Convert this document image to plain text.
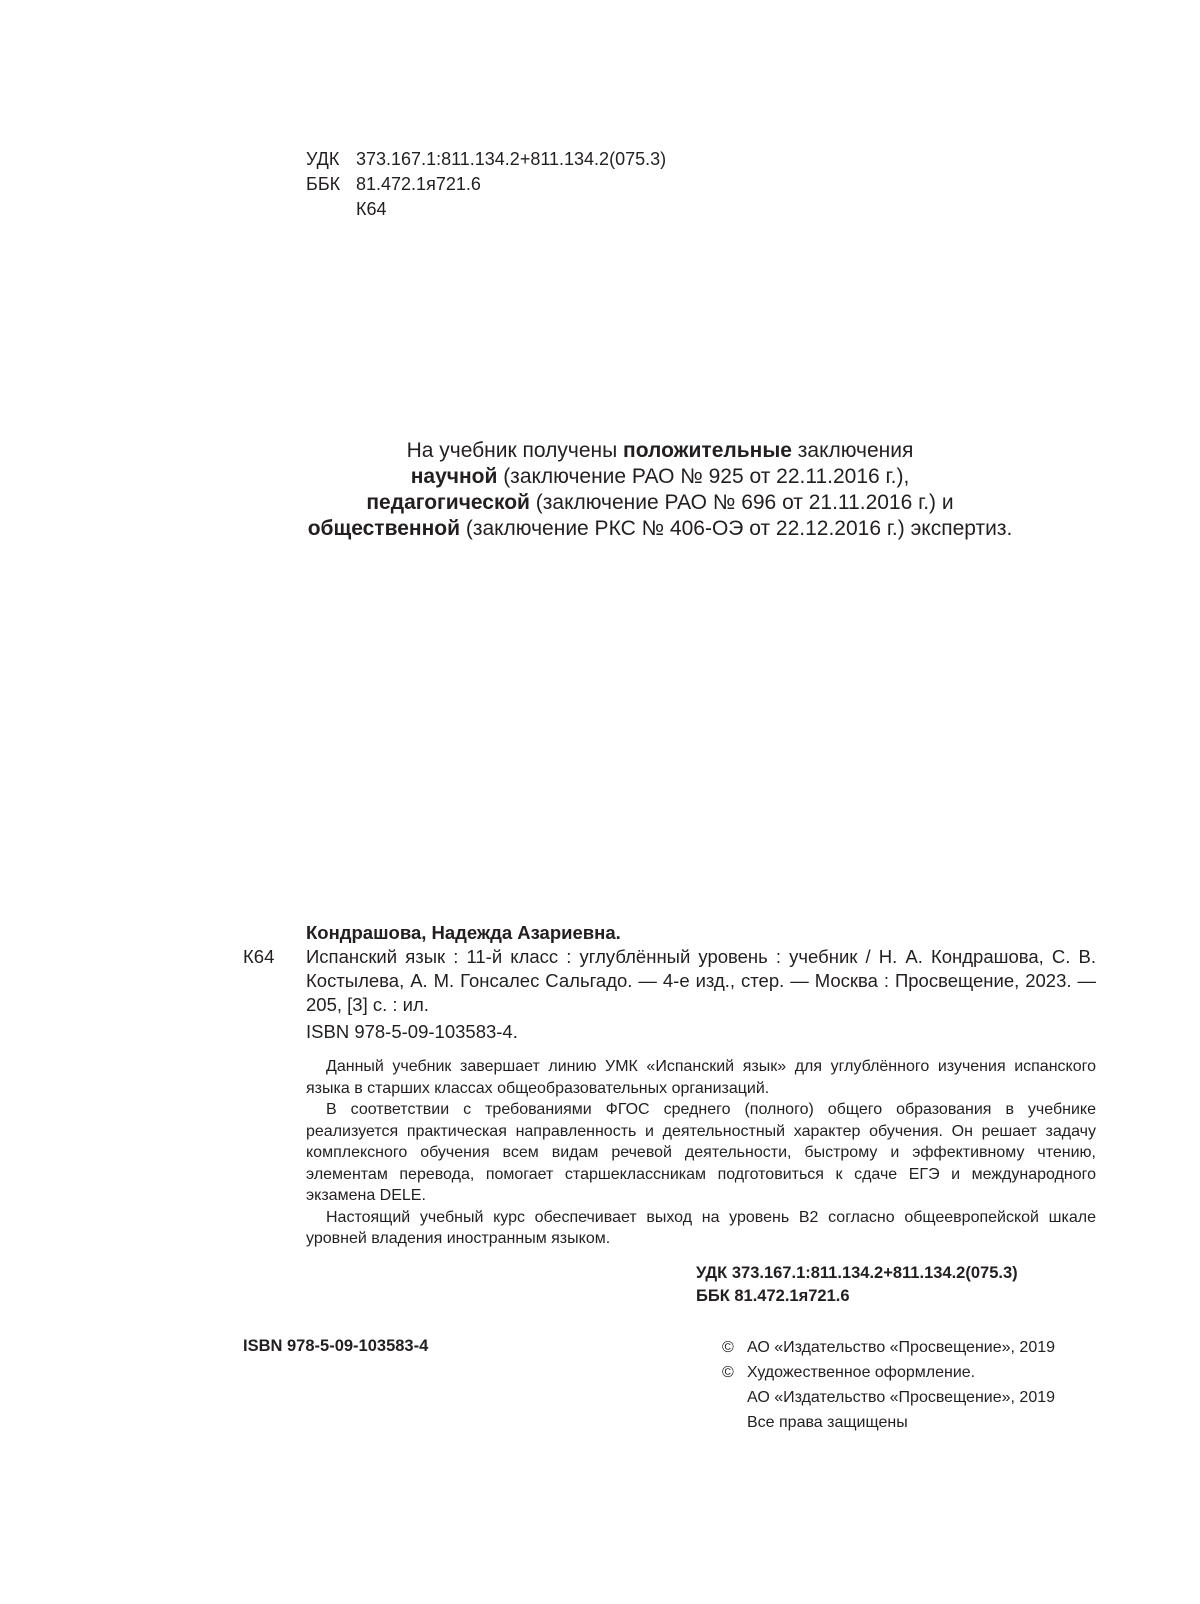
УДК 373.167.1:811.134.2+811.134.2(075.3)
ББК 81.472.1я721.6
К64
На учебник получены положительные заключения
научной (заключение РАО № 925 от 22.11.2016 г.),
педагогической (заключение РАО № 696 от 21.11.2016 г.) и
общественной (заключение РКС № 406-ОЭ от 22.12.2016 г.) экспертиз.
Кондрашова, Надежда Азариевна.
К64	Испанский язык : 11-й класс : углублённый уровень : учебник / Н. А. Кондрашова, С. В. Костылева, А. М. Гонсалес Сальгадо. — 4-е изд., стер. — Москва : Просвещение, 2023. — 205, [3] с. : ил.
ISBN 978-5-09-103583-4.

Данный учебник завершает линию УМК «Испанский язык» для углублённого изучения испанского языка в старших классах общеобразовательных организаций.

В соответствии с требованиями ФГОС среднего (полного) общего образования в учебнике реализуется практическая направленность и деятельностный характер обучения. Он решает задачу комплексного обучения всем видам речевой деятельности, быстрому и эффективному чтению, элементам перевода, помогает старшеклассникам подготовиться к сдаче ЕГЭ и международного экзамена DELE.

Настоящий учебный курс обеспечивает выход на уровень В2 согласно общеевропейской шкале уровней владения иностранным языком.

УДК 373.167.1:811.134.2+811.134.2(075.3)
ББК 81.472.1я721.6
ISBN 978-5-09-103583-4	© АО «Издательство «Просвещение», 2019
© Художественное оформление.
АО «Издательство «Просвещение», 2019
Все права защищены
